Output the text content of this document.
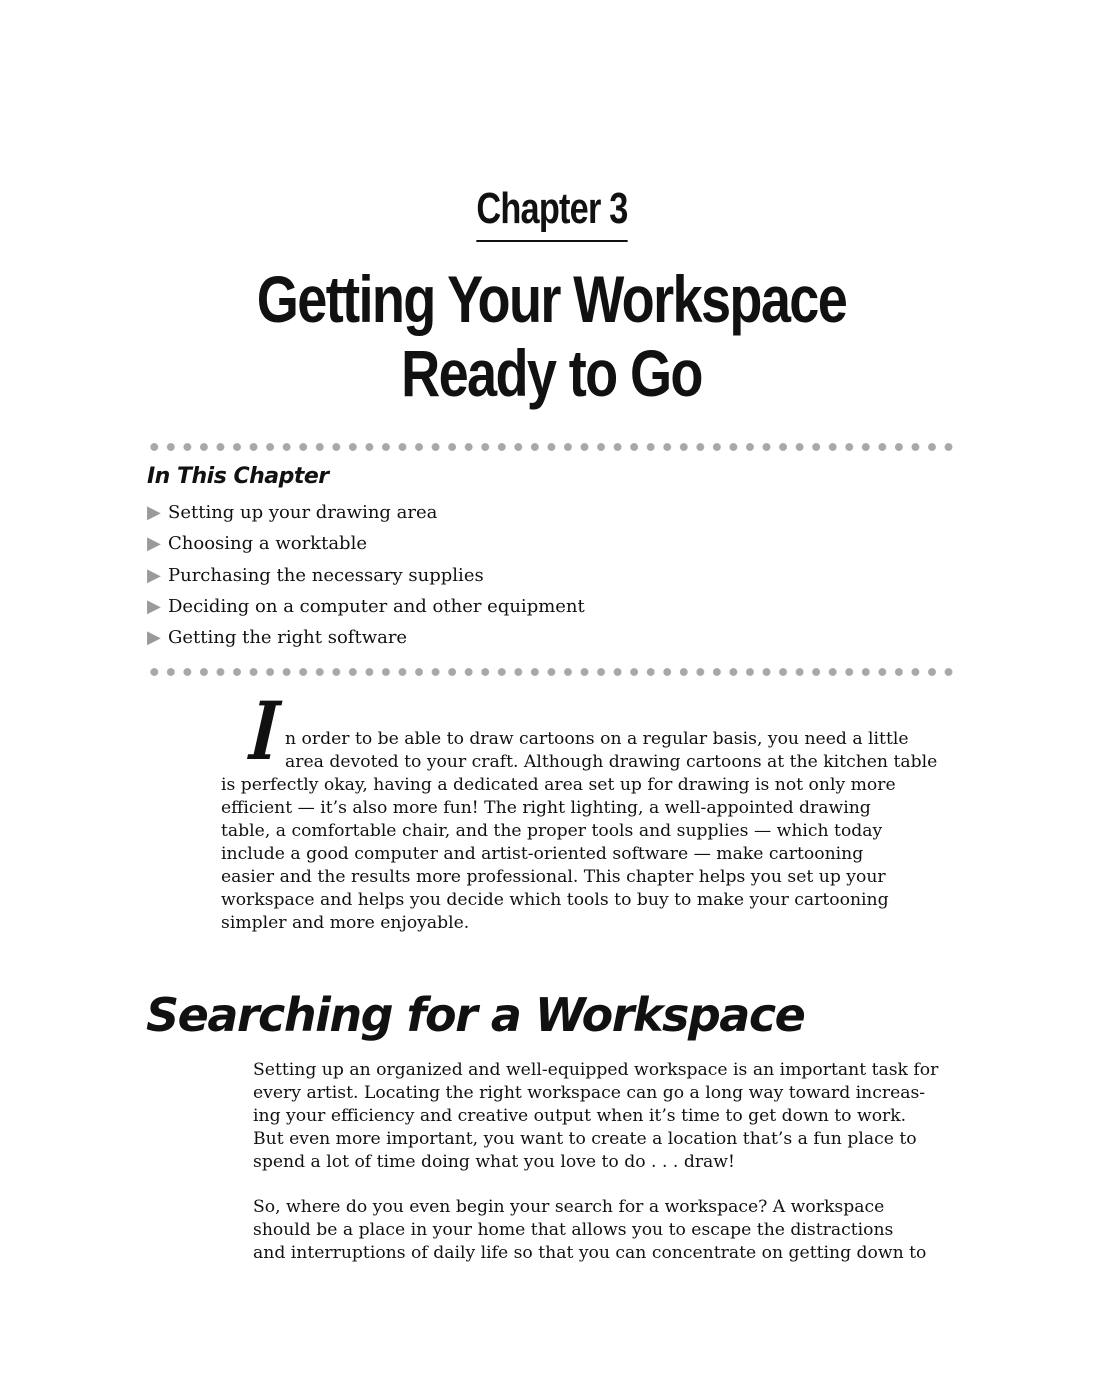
Chapter 3
Getting Your Workspace
Ready to Go
In This Chapter
▶ Setting up your drawing area
▶ Choosing a worktable
▶ Purchasing the necessary supplies
▶ Deciding on a computer and other equipment
▶ Getting the right software

I n order to be able to draw cartoons on a regular basis, you need a little
area devoted to your craft. Although drawing cartoons at the kitchen table
is perfectly okay, having a dedicated area set up for drawing is not only more
efficient — it’s also more fun! The right lighting, a well-appointed drawing
table, a comfortable chair, and the proper tools and supplies — which today
include a good computer and artist-oriented software — make cartooning
easier and the results more professional. This chapter helps you set up your
workspace and helps you decide which tools to buy to make your cartooning
simpler and more enjoyable.

Searching for a Workspace

Setting up an organized and well-equipped workspace is an important task for
every artist. Locating the right workspace can go a long way toward increas-
ing your efficiency and creative output when it’s time to get down to work.
But even more important, you want to create a location that’s a fun place to
spend a lot of time doing what you love to do . . . draw!

So, where do you even begin your search for a workspace? A workspace
should be a place in your home that allows you to escape the distractions
and interruptions of daily life so that you can concentrate on getting down to
